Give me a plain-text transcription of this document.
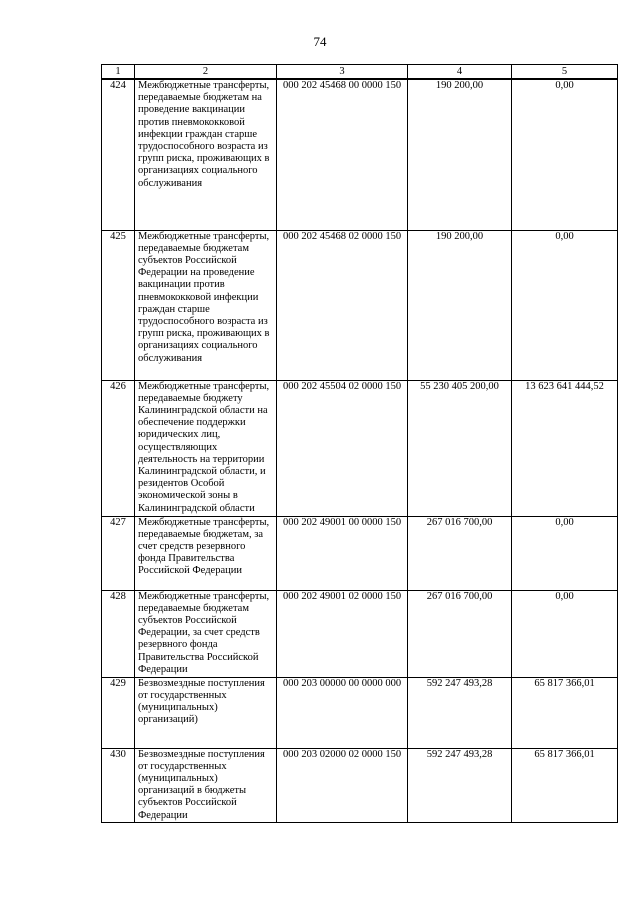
74
1	2	3	4	5
424	Межбюджетные трансферты, передаваемые бюджетам на проведение вакцинации против пневмококковой инфекции граждан старше трудоспособного возраста из групп риска, проживающих в организациях социального обслуживания	000 202 45468 00 0000 150	190 200,00	0,00
425	Межбюджетные трансферты, передаваемые бюджетам субъектов Российской Федерации на проведение вакцинации против пневмококковой инфекции граждан старше трудоспособного возраста из групп риска, проживающих в организациях социального обслуживания	000 202 45468 02 0000 150	190 200,00	0,00
426	Межбюджетные трансферты, передаваемые бюджету Калининградской области на обеспечение поддержки юридических лиц, осуществляющих деятельность на территории Калининградской области, и резидентов Особой экономической зоны в Калининградской области	000 202 45504 02 0000 150	55 230 405 200,00	13 623 641 444,52
427	Межбюджетные трансферты, передаваемые бюджетам, за счет средств резервного фонда Правительства Российской Федерации	000 202 49001 00 0000 150	267 016 700,00	0,00
428	Межбюджетные трансферты, передаваемые бюджетам субъектов Российской Федерации, за счет средств резервного фонда Правительства Российской Федерации	000 202 49001 02 0000 150	267 016 700,00	0,00
429	Безвозмездные поступления от государственных (муниципальных) организаций)	000 203 00000 00 0000 000	592 247 493,28	65 817 366,01
430	Безвозмездные поступления от государственных (муниципальных) организаций в бюджеты субъектов Российской Федерации	000 203 02000 02 0000 150	592 247 493,28	65 817 366,01
